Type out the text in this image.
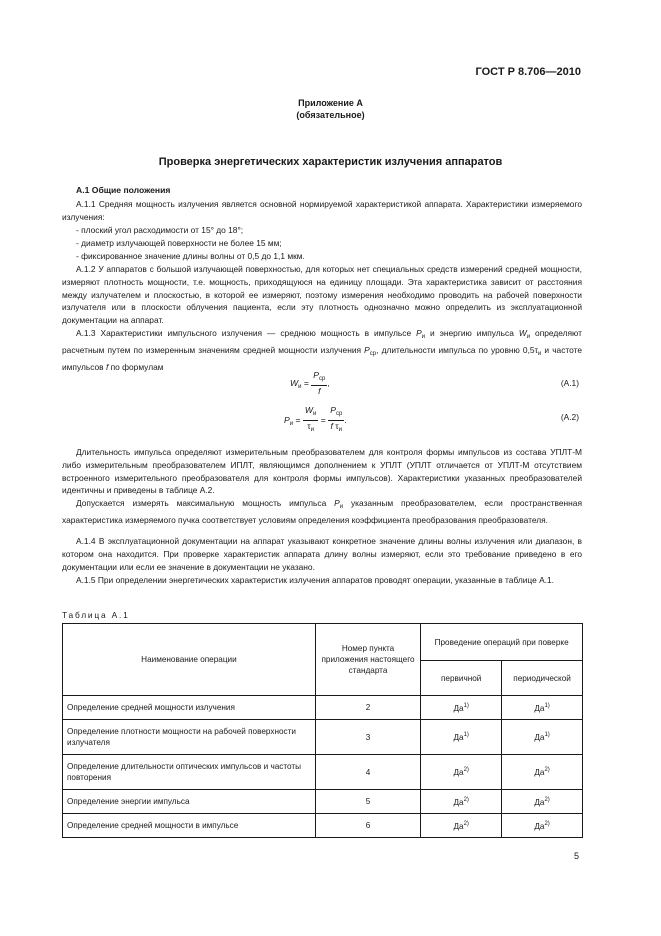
ГОСТ Р 8.706—2010
Приложение А
(обязательное)
Проверка энергетических характеристик излучения аппаратов
А.1 Общие положения
А.1.1 Средняя мощность излучения является основной нормируемой характеристикой аппарата. Характеристики измеряемого излучения:
- плоский угол расходимости от 15° до 18°;
- диаметр излучающей поверхности не более 15 мм;
- фиксированное значение длины волны от 0,5 до 1,1 мкм.
А.1.2 У аппаратов с большой излучающей поверхностью, для которых нет специальных средств измерений средней мощности, измеряют плотность мощности, т.е. мощность, приходящуюся на единицу площади. Эта характеристика зависит от расстояния между излучателем и плоскостью, в которой ее измеряют, поэтому измерения необходимо проводить на рабочей поверхности излучателя или в плоскости облучения пациента, если эту плотность однозначно можно определить из эксплуатационной документации на аппарат.
А.1.3 Характеристики импульсного излучения — среднюю мощность в импульсе $P_и$ и энергию импульса $W_и$ определяют расчетным путем по измеренным значениям средней мощности излучения $P_{ср}$, длительности импульса по уровню $0,5\tau_и$ и частоте импульсов f по формулам
$W_и = \frac{P_{ср}}{f}$ ,	(А.1)
$P_и = \frac{W_и}{\tau_и} = \frac{P_{ср}}{f \tau_и}$ .	(А.2)
Длительность импульса определяют измерительным преобразователем для контроля формы импульсов из состава УПЛТ-М либо измерительным преобразователем ИПЛТ, являющимся дополнением к УПЛТ (УПЛТ отличается от УПЛТ-М отсутствием встроенного измерительного преобразователя для контроля формы импульсов). Характеристики указанных преобразователей идентичны и приведены в таблице А.2.
Допускается измерять максимальную мощность импульса $P_и$ указанным преобразователем, если пространственная характеристика измеряемого пучка соответствует условиям определения коэффициента преобразования преобразователя.
А.1.4 В эксплуатационной документации на аппарат указывают конкретное значение длины волны излучения или диапазон, в котором она находится. При проверке характеристик аппарата длину волны измеряют, если это требование приведено в его документации или если ее значение в документации не указано.
А.1.5 При определении энергетических характеристик излучения аппаратов проводят операции, указанные в таблице А.1.
Таблица А.1
Наименование операции	Номер пункта приложения настоящего стандарта	Проведение операций при поверке	
		первичной	периодической
Определение средней мощности излучения	2	$Да^{1)}$	$Да^{1)}$
Определение плотности мощности на рабочей поверхности излучателя	3	$Да^{1)}$	$Да^{1)}$
Определение длительности оптических импульсов и частоты повторения	4	$Да^{2)}$	$Да^{2)}$
Определение энергии импульса	5	$Да^{2)}$	$Да^{2)}$
Определение средней мощности в импульсе	6	$Да^{2)}$	$Да^{2)}$
5
